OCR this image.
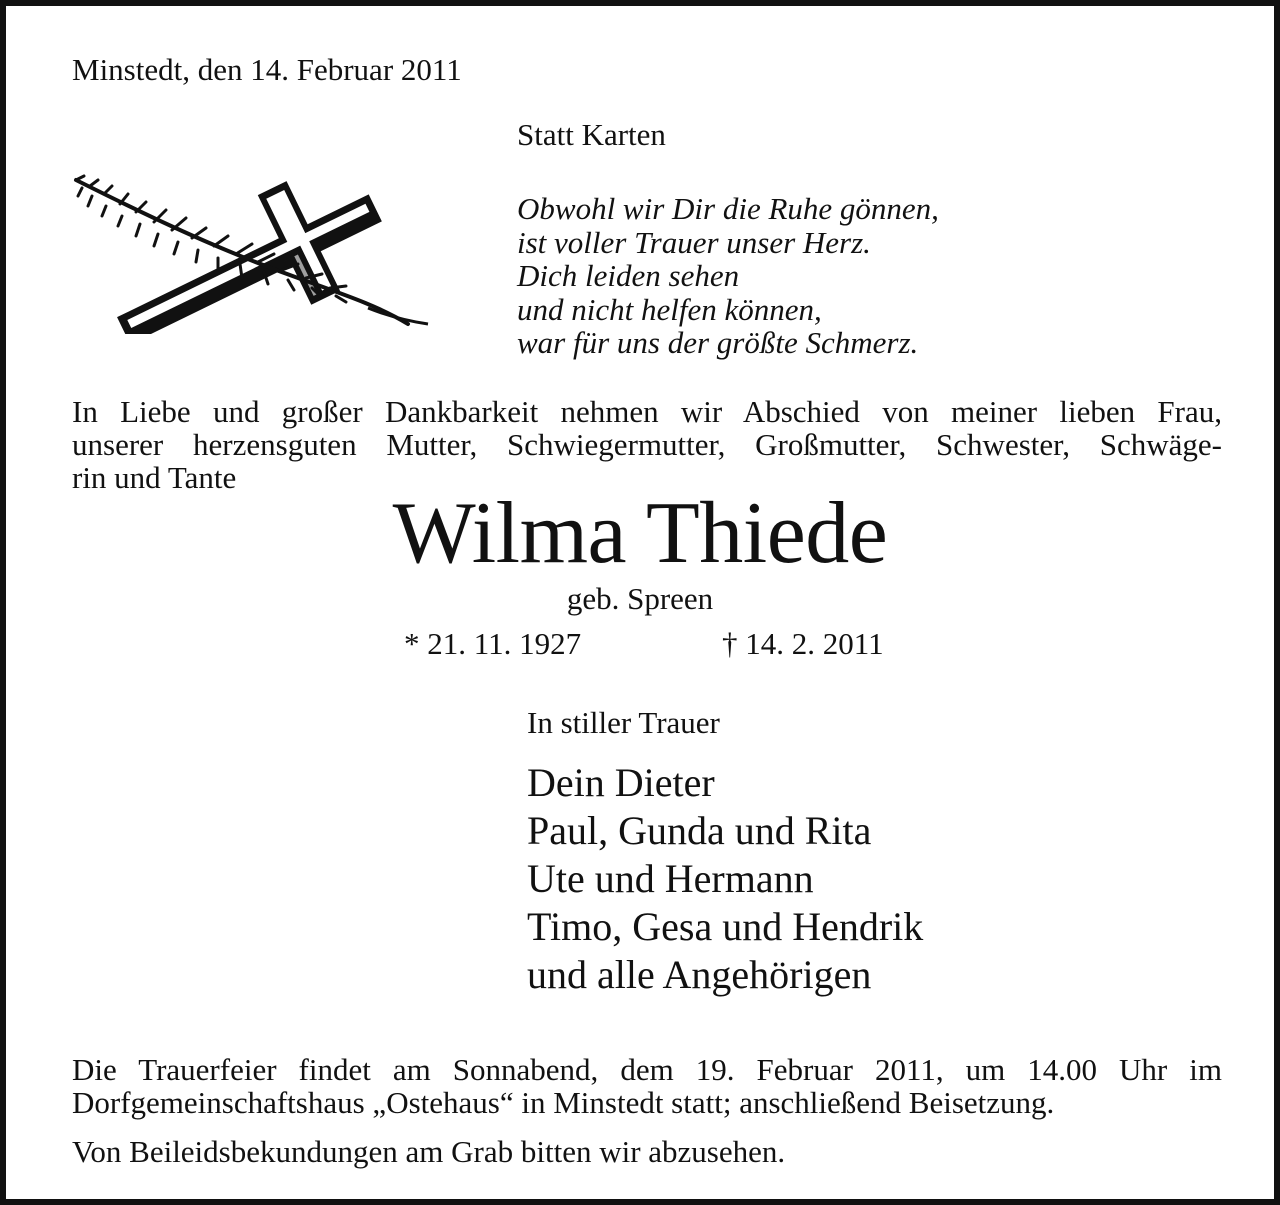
Minstedt, den 14. Februar 2011
Statt Karten
Obwohl wir Dir die Ruhe gönnen,
ist voller Trauer unser Herz.
Dich leiden sehen
und nicht helfen können,
war für uns der größte Schmerz.
In Liebe und großer Dankbarkeit nehmen wir Abschied von meiner lieben Frau,
unserer herzensguten Mutter, Schwiegermutter, Großmutter, Schwester, Schwäge-
rin und Tante
Wilma Thiede
geb. Spreen
* 21. 11. 1927	† 14. 2. 2011
In stiller Trauer
Dein Dieter
Paul, Gunda und Rita
Ute und Hermann
Timo, Gesa und Hendrik
und alle Angehörigen
Die Trauerfeier findet am Sonnabend, dem 19. Februar 2011, um 14.00 Uhr im
Dorfgemeinschaftshaus „Ostehaus“ in Minstedt statt; anschließend Beisetzung.
Von Beileidsbekundungen am Grab bitten wir abzusehen.
